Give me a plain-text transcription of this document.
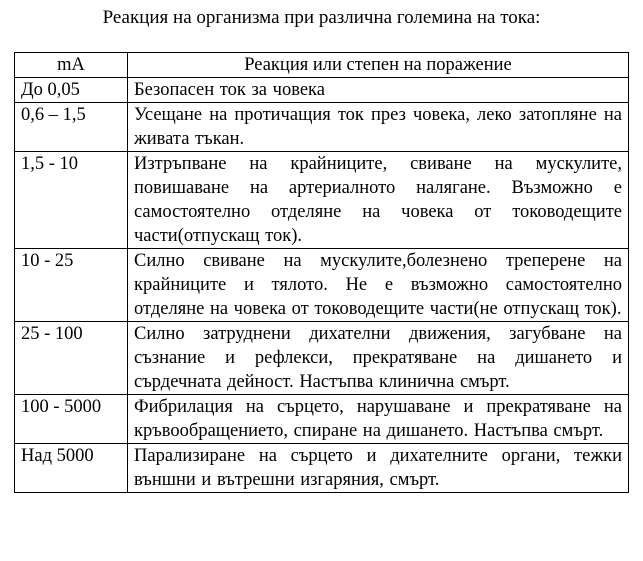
Реакция на организма при различна големина на тока:
mA	Реакция или степен на поражение
До 0,05	Безопасен ток за човека
0,6 – 1,5	Усещане на протичащия ток през човека, леко затопляне на живата тъкан.
1,5 - 10	Изтръпване на крайниците, свиване на мускулите, повишаване на артериалното налягане. Възможно е самостоятелно отделяне на човека от тоководещите части(отпускащ ток).
10 - 25	Силно свиване на мускулите,болезнено треперене на крайниците и тялото. Не е възможно самостоятелно отделяне на човека от тоководещите части(не отпускащ ток).
25 - 100	Силно затруднени дихателни движения, загубване на съзнание и рефлекси, прекратяване на дишането и сърдечната дейност. Настъпва клинична смърт.
100 - 5000	Фибрилация на сърцето, нарушаване и прекратяване на кръвообращението, спиране на дишането. Настъпва смърт.
Над 5000	Парализиране на сърцето и дихателните органи, тежки външни и вътрешни изгаряния, смърт.
